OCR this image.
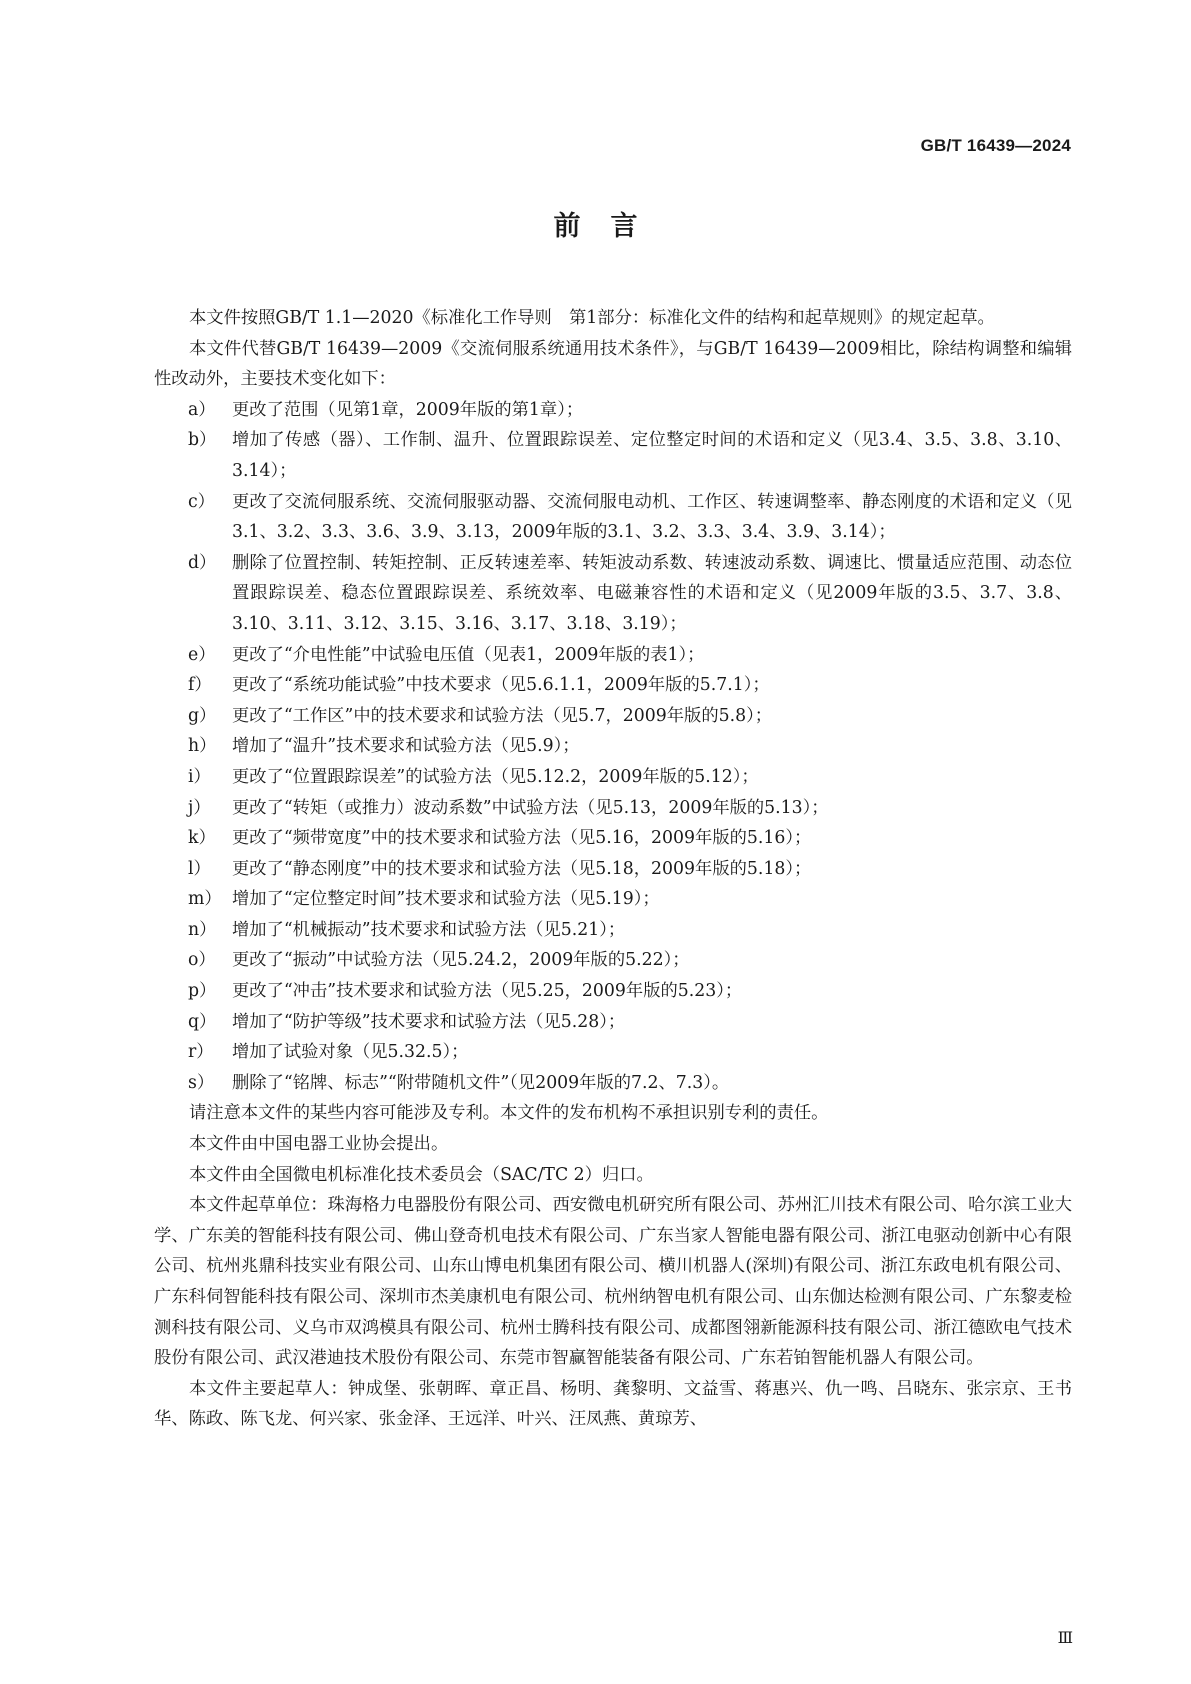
GB/T 16439—2024
前言

本文件按照GB/T 1.1—2020《标准化工作导则　第1部分：标准化文件的结构和起草规则》的规定起草。

本文件代替GB/T 16439—2009《交流伺服系统通用技术条件》，与GB/T 16439—2009相比，除结构调整和编辑性改动外，主要技术变化如下：

a） 更改了范围（见第1章，2009年版的第1章）；
b） 增加了传感（器）、工作制、温升、位置跟踪误差、定位整定时间的术语和定义（见3.4、3.5、3.8、3.10、3.14）；
c） 更改了交流伺服系统、交流伺服驱动器、交流伺服电动机、工作区、转速调整率、静态刚度的术语和定义（见3.1、3.2、3.3、3.6、3.9、3.13，2009年版的3.1、3.2、3.3、3.4、3.9、3.14）；
d） 删除了位置控制、转矩控制、正反转速差率、转矩波动系数、转速波动系数、调速比、惯量适应范围、动态位置跟踪误差、稳态位置跟踪误差、系统效率、电磁兼容性的术语和定义（见2009年版的3.5、3.7、3.8、3.10、3.11、3.12、3.15、3.16、3.17、3.18、3.19）；
e） 更改了“介电性能”中试验电压值（见表1，2009年版的表1）；
f）	更改了“系统功能试验”中技术要求（见5.6.1.1，2009年版的5.7.1）；
g） 更改了“工作区”中的技术要求和试验方法（见5.7，2009年版的5.8）；
h） 增加了“温升”技术要求和试验方法（见5.9）；
i）	更改了“位置跟踪误差”的试验方法（见5.12.2，2009年版的5.12）；
j）	更改了“转矩（或推力）波动系数”中试验方法（见5.13，2009年版的5.13）；
k） 更改了“频带宽度”中的技术要求和试验方法（见5.16，2009年版的5.16）；
l）	更改了“静态刚度”中的技术要求和试验方法（见5.18，2009年版的5.18）；
m） 增加了“定位整定时间”技术要求和试验方法（见5.19）；
n） 增加了“机械振动”技术要求和试验方法（见5.21）；
o） 更改了“振动”中试验方法（见5.24.2，2009年版的5.22）；
p） 更改了“冲击”技术要求和试验方法（见5.25，2009年版的5.23）；
q） 增加了“防护等级”技术要求和试验方法（见5.28）；
r）	增加了试验对象（见5.32.5）；
s）	删除了“铭牌、标志”“附带随机文件”（见2009年版的7.2、7.3）。

请注意本文件的某些内容可能涉及专利。本文件的发布机构不承担识别专利的责任。

本文件由中国电器工业协会提出。

本文件由全国微电机标准化技术委员会（SAC/TC 2）归口。

本文件起草单位：珠海格力电器股份有限公司、西安微电机研究所有限公司、苏州汇川技术有限公司、哈尔滨工业大学、广东美的智能科技有限公司、佛山登奇机电技术有限公司、广东当家人智能电器有限公司、浙江电驱动创新中心有限公司、杭州兆鼎科技实业有限公司、山东山博电机集团有限公司、横川机器人(深圳)有限公司、浙江东政电机有限公司、广东科伺智能科技有限公司、深圳市杰美康机电有限公司、杭州纳智电机有限公司、山东伽达检测有限公司、广东黎麦检测科技有限公司、义乌市双鸿模具有限公司、杭州士腾科技有限公司、成都图翎新能源科技有限公司、浙江德欧电气技术股份有限公司、武汉港迪技术股份有限公司、东莞市智赢智能装备有限公司、广东若铂智能机器人有限公司。

本文件主要起草人：钟成堡、张朝晖、章正昌、杨明、龚黎明、文益雪、蒋惠兴、仇一鸣、吕晓东、张宗京、王书华、陈政、陈飞龙、何兴家、张金泽、王远洋、叶兴、汪凤燕、黄琼芳、

Ⅲ
